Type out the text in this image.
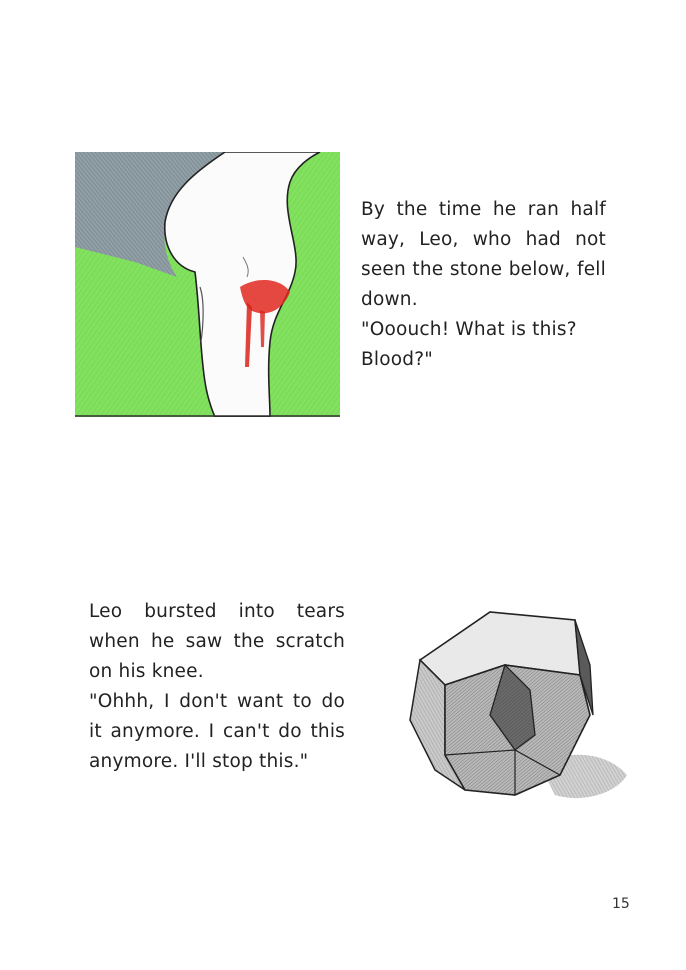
By the time he ran half
way, Leo, who had not
seen the stone below, fell
down.
"Ooouch! What is this?
Blood?"
Leo bursted into tears
when he saw the scratch
on his knee.
"Ohhh, I don't want to do
it anymore. I can't do this
anymore. I'll stop this."
15
